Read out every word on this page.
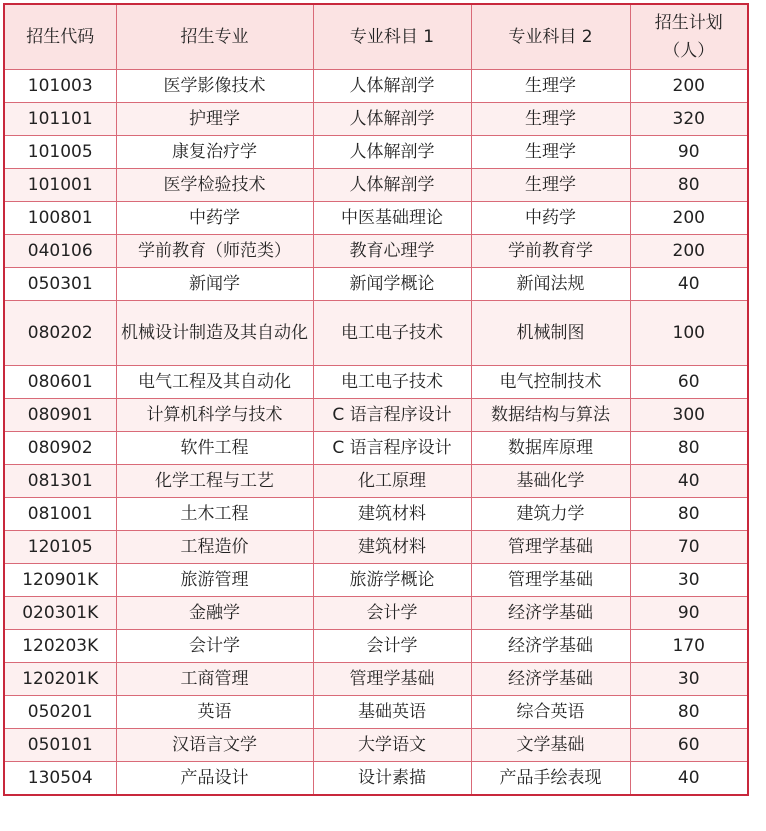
招生代码	招生专业	专业科目 1	专业科目 2	招生计划
（人）
101003	医学影像技术	人体解剖学	生理学	200
101101	护理学	人体解剖学	生理学	320
101005	康复治疗学	人体解剖学	生理学	90
101001	医学检验技术	人体解剖学	生理学	80
100801	中药学	中医基础理论	中药学	200
040106	学前教育（师范类）	教育心理学	学前教育学	200
050301	新闻学	新闻学概论	新闻法规	40
080202	机械设计制造及其自动化	电工电子技术	机械制图	100
080601	电气工程及其自动化	电工电子技术	电气控制技术	60
080901	计算机科学与技术	C 语言程序设计	数据结构与算法	300
080902	软件工程	C 语言程序设计	数据库原理	80
081301	化学工程与工艺	化工原理	基础化学	40
081001	土木工程	建筑材料	建筑力学	80
120105	工程造价	建筑材料	管理学基础	70
120901K	旅游管理	旅游学概论	管理学基础	30
020301K	金融学	会计学	经济学基础	90
120203K	会计学	会计学	经济学基础	170
120201K	工商管理	管理学基础	经济学基础	30
050201	英语	基础英语	综合英语	80
050101	汉语言文学	大学语文	文学基础	60
130504	产品设计	设计素描	产品手绘表现	40
